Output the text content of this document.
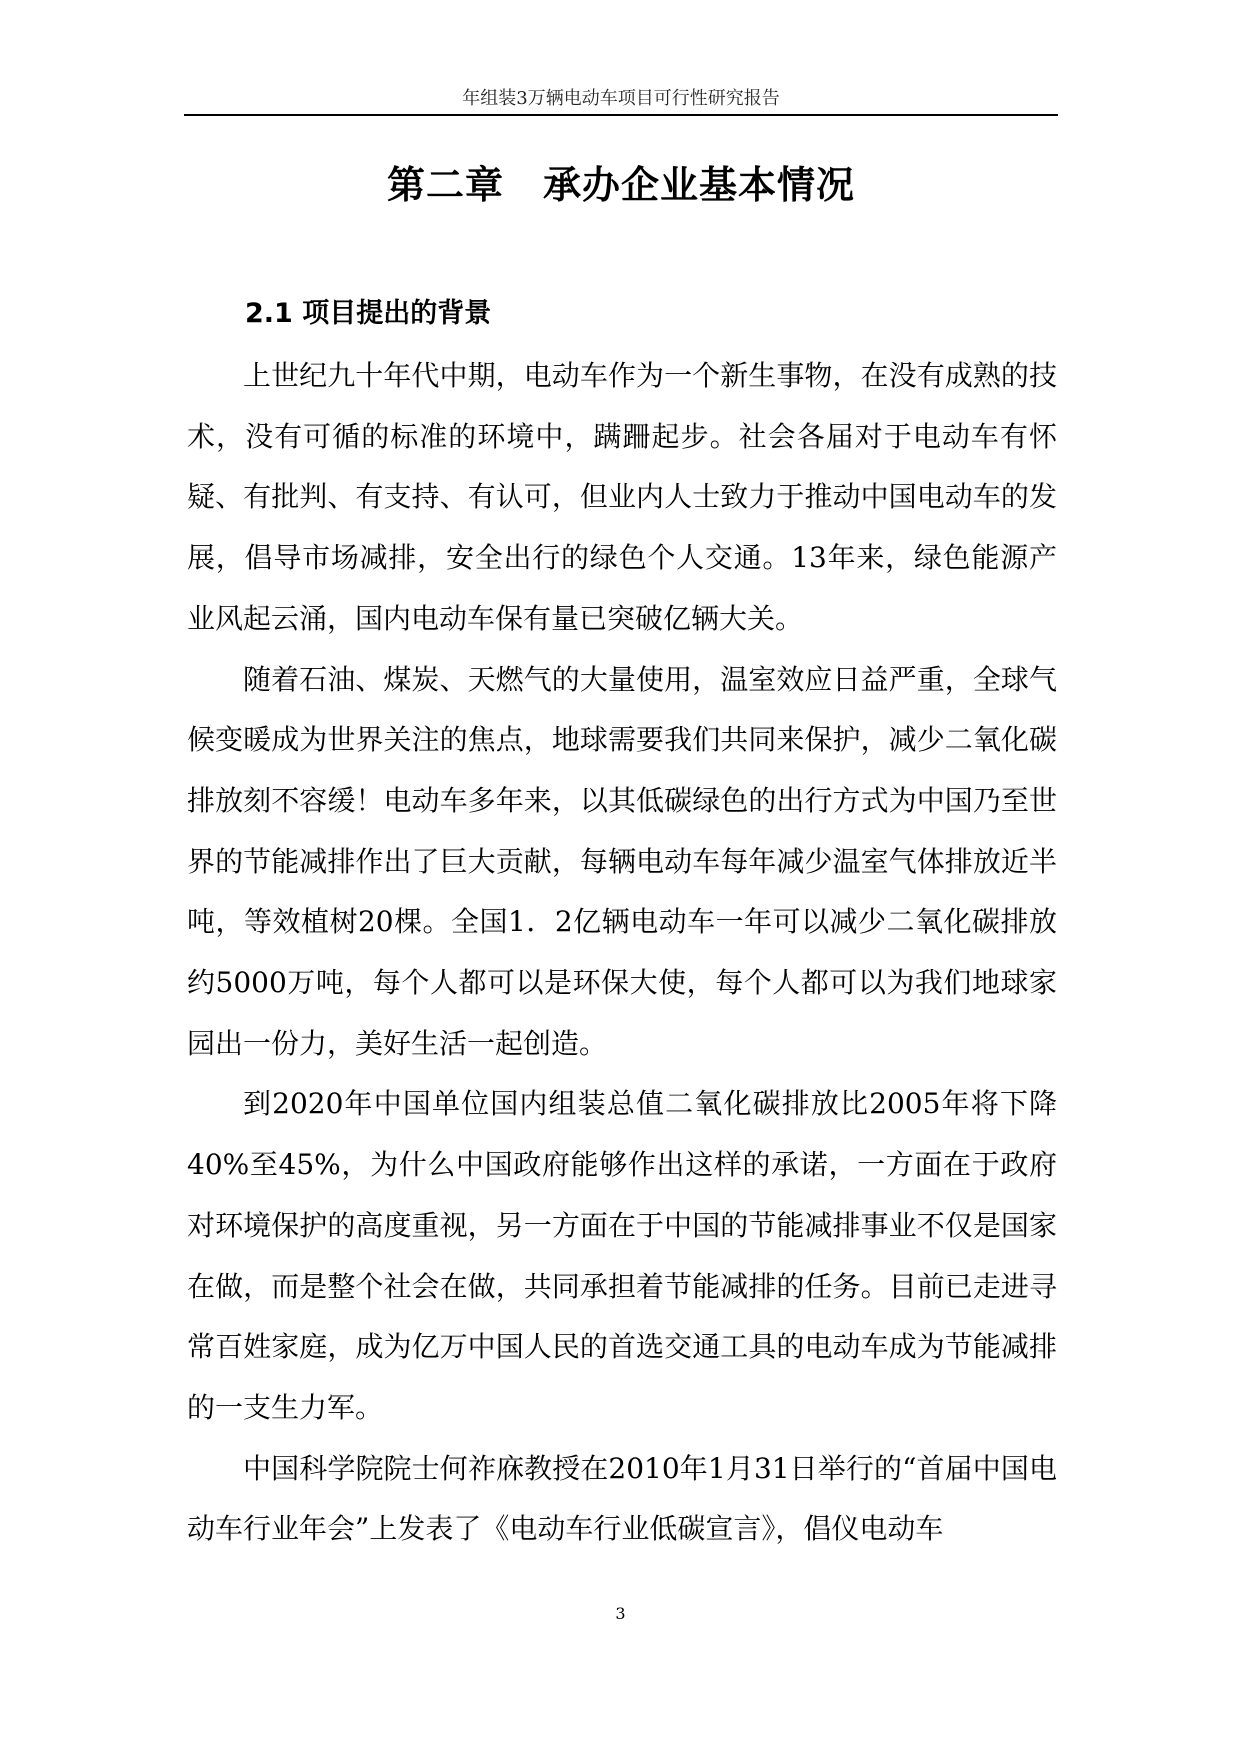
年组装3万辆电动车项目可行性研究报告
第二章　承办企业基本情况
2.1 项目提出的背景

上世纪九十年代中期，电动车作为一个新生事物，在没有成熟的技术，没有可循的标准的环境中，蹒跚起步。社会各届对于电动车有怀疑、有批判、有支持、有认可，但业内人士致力于推动中国电动车的发展，倡导市场减排，安全出行的绿色个人交通。13年来，绿色能源产业风起云涌，国内电动车保有量已突破亿辆大关。

随着石油、煤炭、天燃气的大量使用，温室效应日益严重，全球气候变暖成为世界关注的焦点，地球需要我们共同来保护，减少二氧化碳排放刻不容缓！电动车多年来，以其低碳绿色的出行方式为中国乃至世界的节能减排作出了巨大贡献，每辆电动车每年减少温室气体排放近半吨，等效植树20棵。全国1．2亿辆电动车一年可以减少二氧化碳排放约5000万吨，每个人都可以是环保大使，每个人都可以为我们地球家园出一份力，美好生活一起创造。

到2020年中国单位国内组装总值二氧化碳排放比2005年将下降40%至45%，为什么中国政府能够作出这样的承诺，一方面在于政府对环境保护的高度重视，另一方面在于中国的节能减排事业不仅是国家在做，而是整个社会在做，共同承担着节能减排的任务。目前已走进寻常百姓家庭，成为亿万中国人民的首选交通工具的电动车成为节能减排的一支生力军。

中国科学院院士何祚庥教授在2010年1月31日举行的“首届中国电动车行业年会”上发表了《电动车行业低碳宣言》，倡仪电动车

3
